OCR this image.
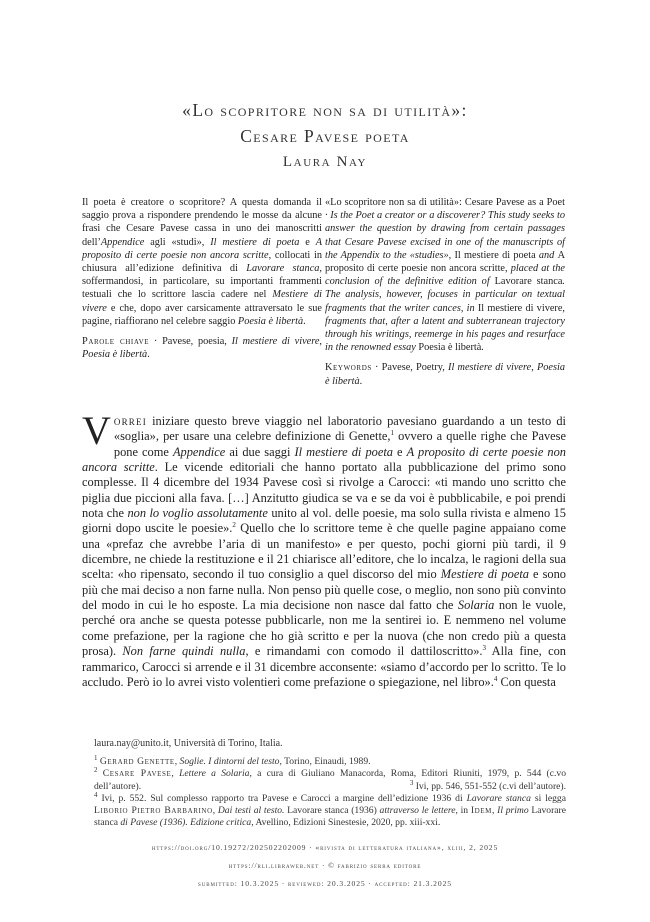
«Lo scopritore non sa di utilità»:
Cesare Pavese poeta
Laura Nay

Il poeta è creatore o scopritore? A questa domanda il saggio prova a rispondere prendendo le mosse da alcune frasi che Cesare Pavese cassa in uno dei manoscritti dell’Appendice agli «studi», Il mestiere di poeta e A proposito di certe poesie non ancora scritte, collocati in chiusura all’edizione definitiva di Lavorare stanca, soffermandosi, in particolare, su importanti frammenti testuali che lo scrittore lascia cadere nel Mestiere di vivere e che, dopo aver carsicamente attraversato le sue pagine, riaffiorano nel celebre saggio Poesia è libertà.

Parole chiave · Pavese, poesia, Il mestiere di vivere, Poesia è libertà.

«Lo scopritore non sa di utilità»: Cesare Pavese as a Poet · Is the Poet a creator or a discoverer? This study seeks to answer the question by drawing from certain passages that Cesare Pavese excised in one of the manuscripts of the Appendix to the «studies», Il mestiere di poeta and A proposito di certe poesie non ancora scritte, placed at the conclusion of the definitive edition of Lavorare stanca. The analysis, however, focuses in particular on textual fragments that the writer cances, in Il mestiere di vivere, fragments that, after a latent and subterranean trajectory through his writings, reemerge in his pages and resurface in the renowned essay Poesia è libertà.

Keywords · Pavese, Poetry, Il mestiere di vivere, Poesia è libertà.

Vorrei iniziare questo breve viaggio nel laboratorio pavesiano guardando a un testo di «soglia», per usare una celebre definizione di Genette,$^1$ ovvero a quelle righe che Pavese pone come Appendice ai due saggi Il mestiere di poeta e A proposito di certe poesie non ancora scritte. Le vicende editoriali che hanno portato alla pubblicazione del primo sono complesse. Il 4 dicembre del 1934 Pavese così si rivolge a Carocci: «ti mando uno scritto che piglia due piccioni alla fava. […] Anzitutto giudica se va e se da voi è pubblicabile, e poi prendi nota che non lo voglio assolutamente unito al vol. delle poesie, ma solo sulla rivista e almeno 15 giorni dopo uscite le poesie».$^2$ Quello che lo scrittore teme è che quelle pagine appaiano come una «prefaz che avrebbe l’aria di un manifesto» e per questo, pochi giorni più tardi, il 9 dicembre, ne chiede la restituzione e il 21 chiarisce all’editore, che lo incalza, le ragioni della sua scelta: «ho ripensato, secondo il tuo consiglio a quel discorso del mio Mestiere di poeta e sono più che mai deciso a non farne nulla. Non penso più quelle cose, o meglio, non sono più convinto del modo in cui le ho esposte. La mia decisione non nasce dal fatto che Solaria non le vuole, perché ora anche se questa potesse pubblicarle, non me la sentirei io. E nemmeno nel volume come prefazione, per la ragione che ho già scritto e per la nuova (che non credo più a questa prosa). Non farne quindi nulla, e rimandami con comodo il dattiloscritto».$^3$ Alla fine, con rammarico, Carocci si arrende e il 31 dicembre acconsente: «siamo d’accordo per lo scritto. Te lo accludo. Però io lo avrei visto volentieri come prefazione o spiegazione, nel libro».$^4$ Con questa

laura.nay@unito.it, Università di Torino, Italia.

$^1$ Gerard Genette, Soglie. I dintorni del testo, Torino, Einaudi, 1989.

$^2$ Cesare Pavese, Lettere a Solaria, a cura di Giuliano Manacorda, Roma, Editori Riuniti, 1979, p. 544 (c.vo dell’autore).	$^3$ Ivi, pp. 546, 551-552 (c.vi dell’autore).

$^4$ Ivi, p. 552. Sul complesso rapporto tra Pavese e Carocci a margine dell’edizione 1936 di Lavorare stanca si legga Liborio Pietro Barbarino, Dai testi al testo. Lavorare stanca (1936) attraverso le lettere, in Idem, Il primo Lavorare stanca di Pavese (1936). Edizione critica, Avellino, Edizioni Sinestesie, 2020, pp. xiii-xxi.

https://doi.org/10.19272/202502202009 · «rivista di letteratura italiana», xliii, 2, 2025
https://rli.libraweb.net · © fabrizio serra editore
submitted: 10.3.2025 · reviewed: 20.3.2025 · accepted: 21.3.2025
